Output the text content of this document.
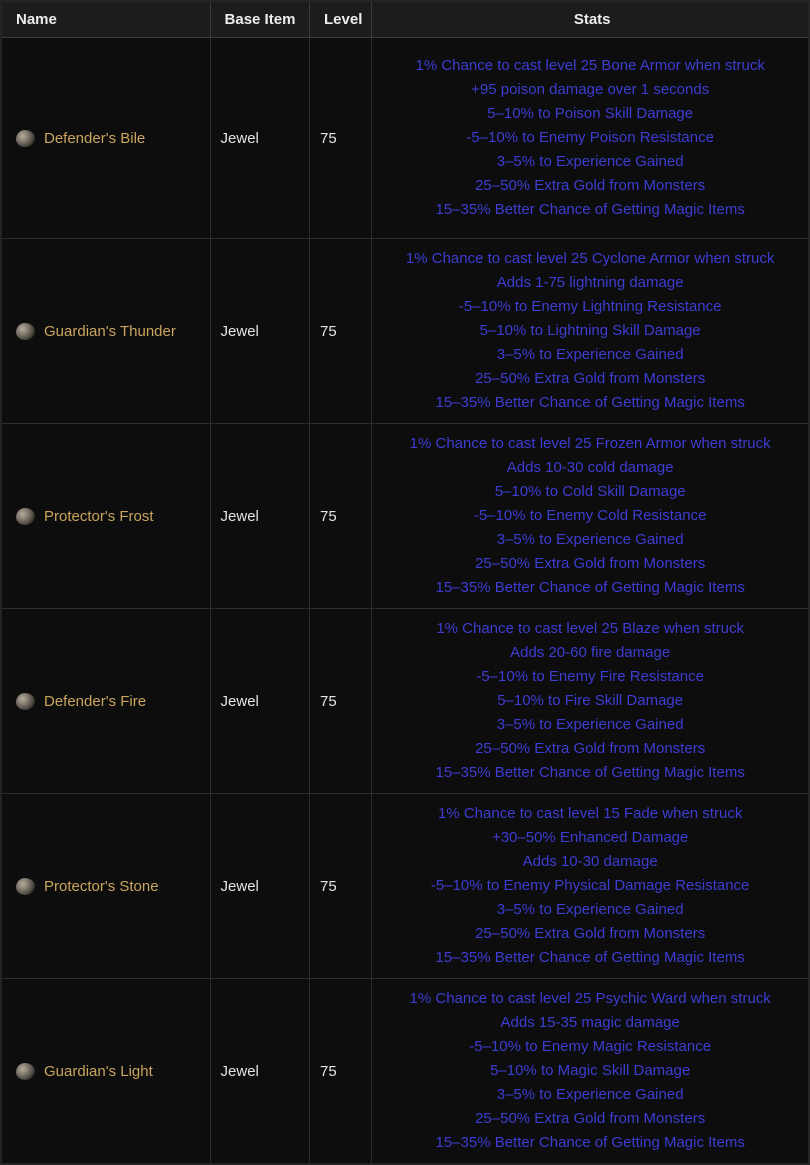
Name	Base Item	Level	Stats

Defender's Bile	Jewel	75	
1% Chance to cast level 25 Bone Armor when struck
+95 poison damage over 1 seconds
5–10% to Poison Skill Damage
-5–10% to Enemy Poison Resistance
3–5% to Experience Gained
25–50% Extra Gold from Monsters
15–35% Better Chance of Getting Magic Items

Guardian's Thunder	Jewel	75	
1% Chance to cast level 25 Cyclone Armor when struck
Adds 1-75 lightning damage
-5–10% to Enemy Lightning Resistance
5–10% to Lightning Skill Damage
3–5% to Experience Gained
25–50% Extra Gold from Monsters
15–35% Better Chance of Getting Magic Items

Protector's Frost	Jewel	75	
1% Chance to cast level 25 Frozen Armor when struck
Adds 10-30 cold damage
5–10% to Cold Skill Damage
-5–10% to Enemy Cold Resistance
3–5% to Experience Gained
25–50% Extra Gold from Monsters
15–35% Better Chance of Getting Magic Items

Defender's Fire	Jewel	75	
1% Chance to cast level 25 Blaze when struck
Adds 20-60 fire damage
-5–10% to Enemy Fire Resistance
5–10% to Fire Skill Damage
3–5% to Experience Gained
25–50% Extra Gold from Monsters
15–35% Better Chance of Getting Magic Items

Protector's Stone	Jewel	75	
1% Chance to cast level 15 Fade when struck
+30–50% Enhanced Damage
Adds 10-30 damage
-5–10% to Enemy Physical Damage Resistance
3–5% to Experience Gained
25–50% Extra Gold from Monsters
15–35% Better Chance of Getting Magic Items

Guardian's Light	Jewel	75	
1% Chance to cast level 25 Psychic Ward when struck
Adds 15-35 magic damage
-5–10% to Enemy Magic Resistance
5–10% to Magic Skill Damage
3–5% to Experience Gained
25–50% Extra Gold from Monsters
15–35% Better Chance of Getting Magic Items
